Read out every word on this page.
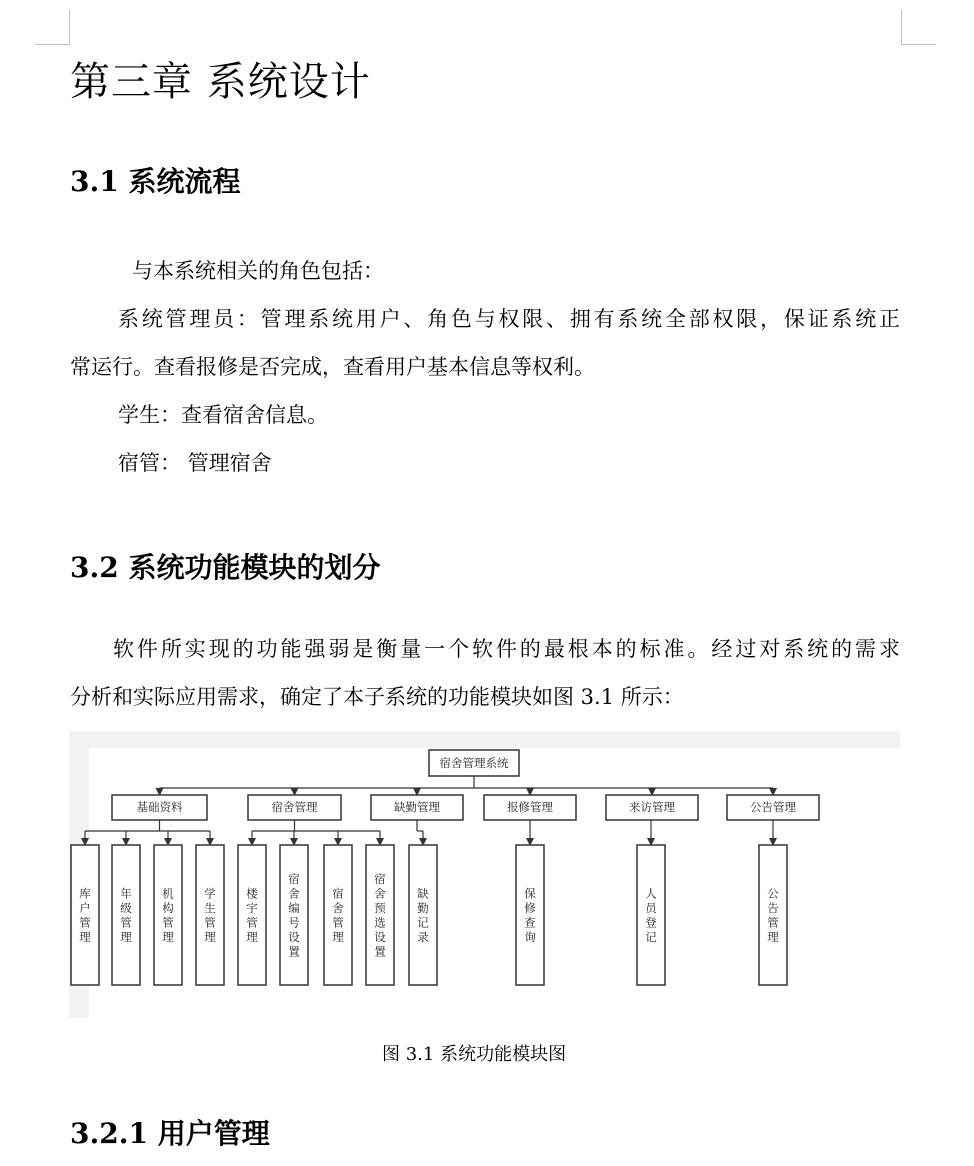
第三章 系统设计
3.1 系统流程

与本系统相关的角色包括：

系统管理员：管理系统用户、角色与权限、拥有系统全部权限，保证系统正

常运行。查看报修是否完成，查看用户基本信息等权利。

学生：查看宿舍信息。

宿管： 管理宿舍

3.2 系统功能模块的划分

软件所实现的功能强弱是衡量一个软件的最根本的标准。经过对系统的需求

分析和实际应用需求，确定了本子系统的功能模块如图 3.1 所示：

宿舍管理系统
基础资料
库户管理
年级管理
机构管理
学生管理
宿舍管理
楼宇管理
宿舍编号设置
宿舍管理
宿舍预选设置
缺勤管理
缺勤记录
报修管理
保修查询
来访管理
人员登记
公告管理
公告管理

图 3.1 系统功能模块图

3.2.1 用户管理
